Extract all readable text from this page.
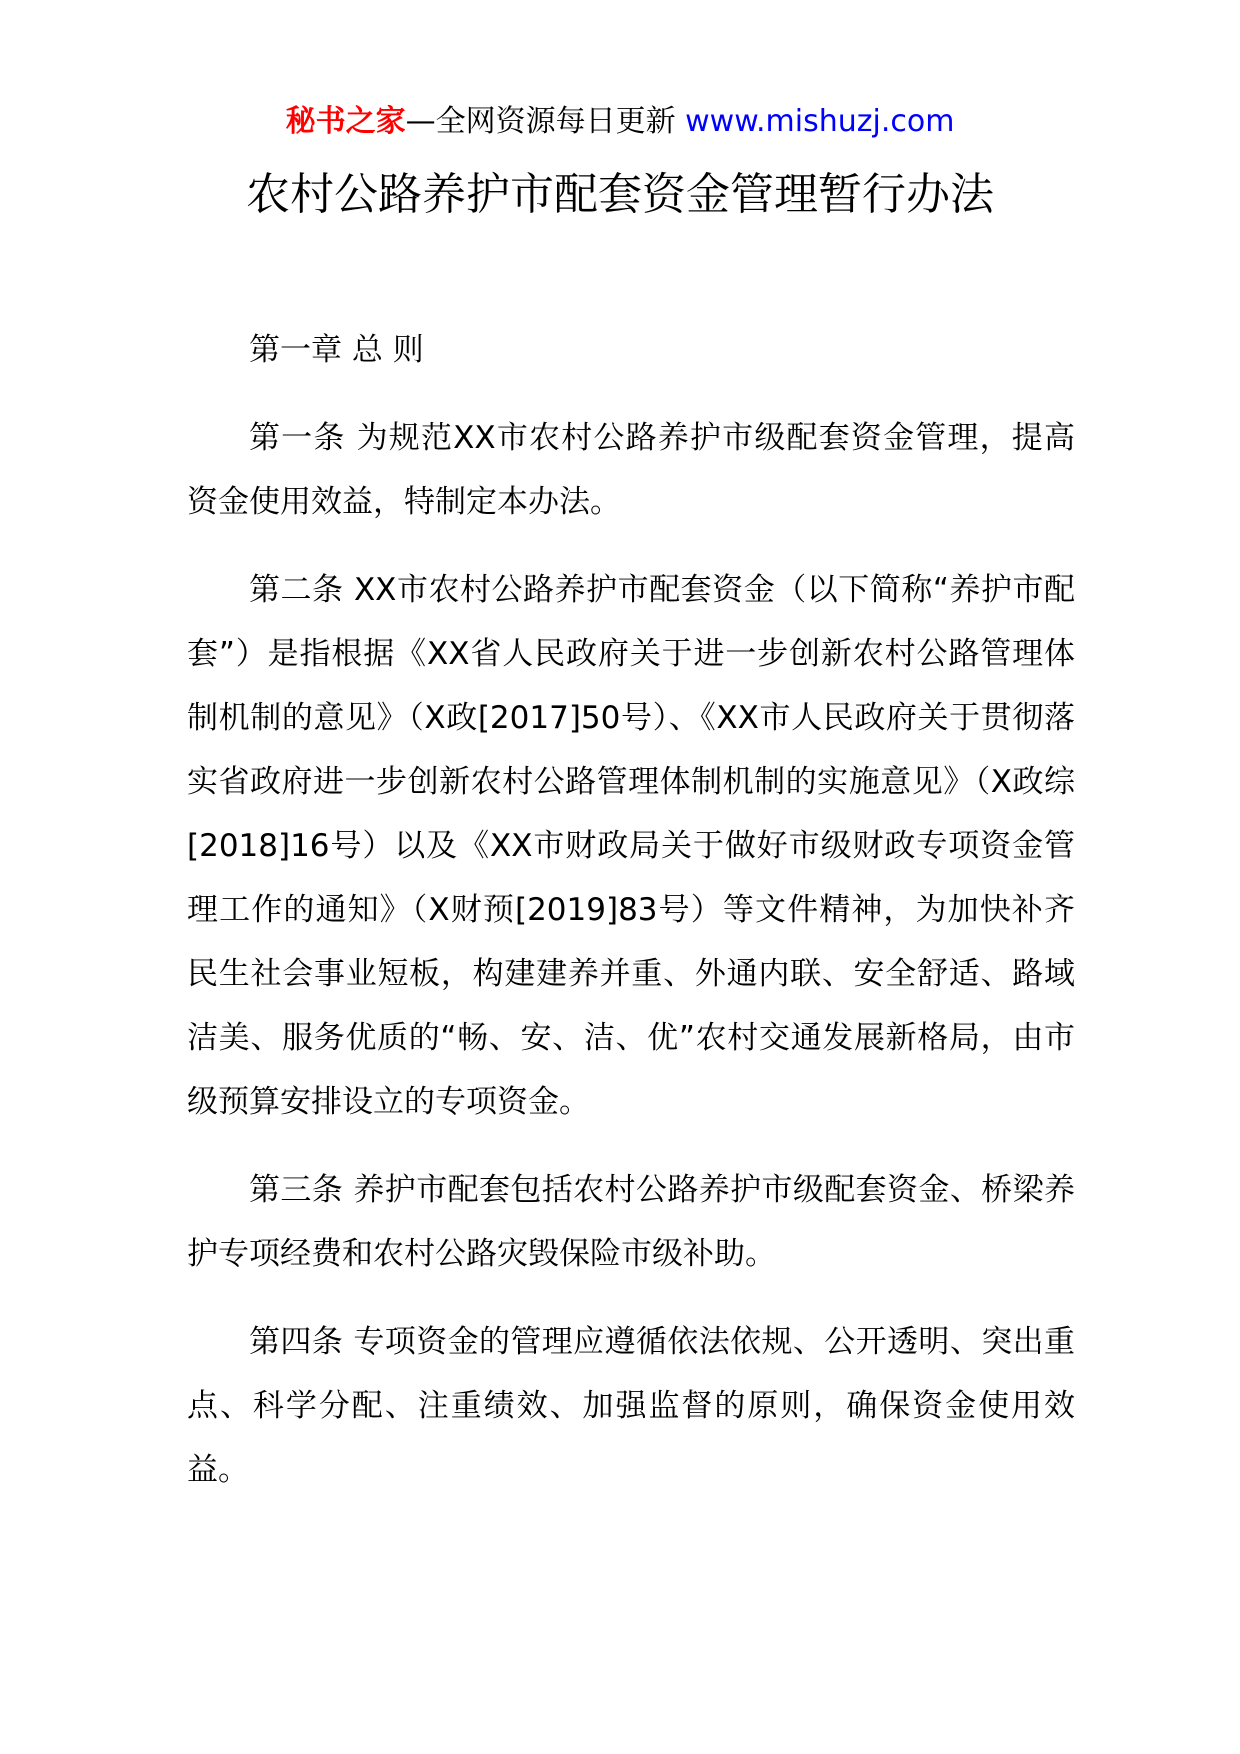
秘书之家—全网资源每日更新 www.mishuzj.com
农村公路养护市配套资金管理暂行办法

第一章 总 则

第一条 为规范XX市农村公路养护市级配套资金管理，提高资金使用效益，特制定本办法。

第二条 XX市农村公路养护市配套资金（以下简称“养护市配套”）是指根据《XX省人民政府关于进一步创新农村公路管理体制机制的意见》（X政[2017]50号）、《XX市人民政府关于贯彻落实省政府进一步创新农村公路管理体制机制的实施意见》（X政综[2018]16号）以及《XX市财政局关于做好市级财政专项资金管理工作的通知》（X财预[2019]83号）等文件精神，为加快补齐民生社会事业短板，构建建养并重、外通内联、安全舒适、路域洁美、服务优质的“畅、安、洁、优”农村交通发展新格局，由市级预算安排设立的专项资金。

第三条 养护市配套包括农村公路养护市级配套资金、桥梁养护专项经费和农村公路灾毁保险市级补助。

第四条 专项资金的管理应遵循依法依规、公开透明、突出重点、科学分配、注重绩效、加强监督的原则，确保资金使用效益。
